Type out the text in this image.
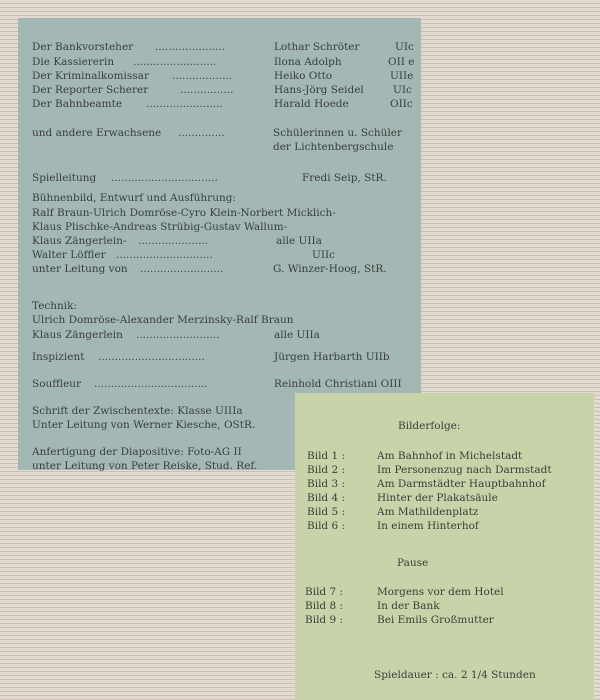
Der Bankvorsteher .....................	Lothar Schröter	UIc
Die Kassiererin .........................	Ilona Adolph	OII e
Der Kriminalkomissar ..................	Heiko Otto	UIIe
Der Reporter Scherer	................	Hans-Jörg Seidel	UIc
Der Bahnbeamte .......................	Harald Hoede	OIIc
und andere Erwachsene ..............	Schülerinnen u. Schüler
der Lichtenbergschule
Spielleitung ................................	Fredi Seip, StR.
Bühnenbild, Entwurf und Ausführung:
Ralf Braun-Ulrich Domröse-Cyro Klein-Norbert Micklich-
Klaus Plischke-Andreas Strübig-Gustav Wallum-
Klaus Zängerlein- .....................	alle UIIa
Walter Löffler .............................	UIIc
unter Leitung von .........................	G. Winzer-Hoog, StR.
Technik:
Ulrich Domröse-Alexander Merzinsky-Ralf Braun
Klaus Zängerlein .........................	alle UIIa
Inspizient ................................	Jürgen Harbarth UIIb
Souffleur ..................................	Reinhold Christiani OIII
Schrift der Zwischentexte: Klasse UIIIa
Unter Leitung von Werner Kiesche, OStR.
Anfertigung der Diapositive: Foto-AG II
unter Leitung von Peter Reiske, Stud. Ref.
Bilderfolge:
Bild 1 :	Am Bahnhof in Michelstadt
Bild 2 :	Im Personenzug nach Darmstadt
Bild 3 :	Am Darmstädter Hauptbahnhof
Bild 4 :	Hinter der Plakatsäule
Bild 5 :	Am Mathildenplatz
Bild 6 :	In einem Hinterhof
Pause
Bild 7 :	Morgens vor dem Hotel
Bild 8 :	In der Bank
Bild 9 :	Bei Emils Großmutter
Spieldauer : ca. 2 1/4 Stunden
